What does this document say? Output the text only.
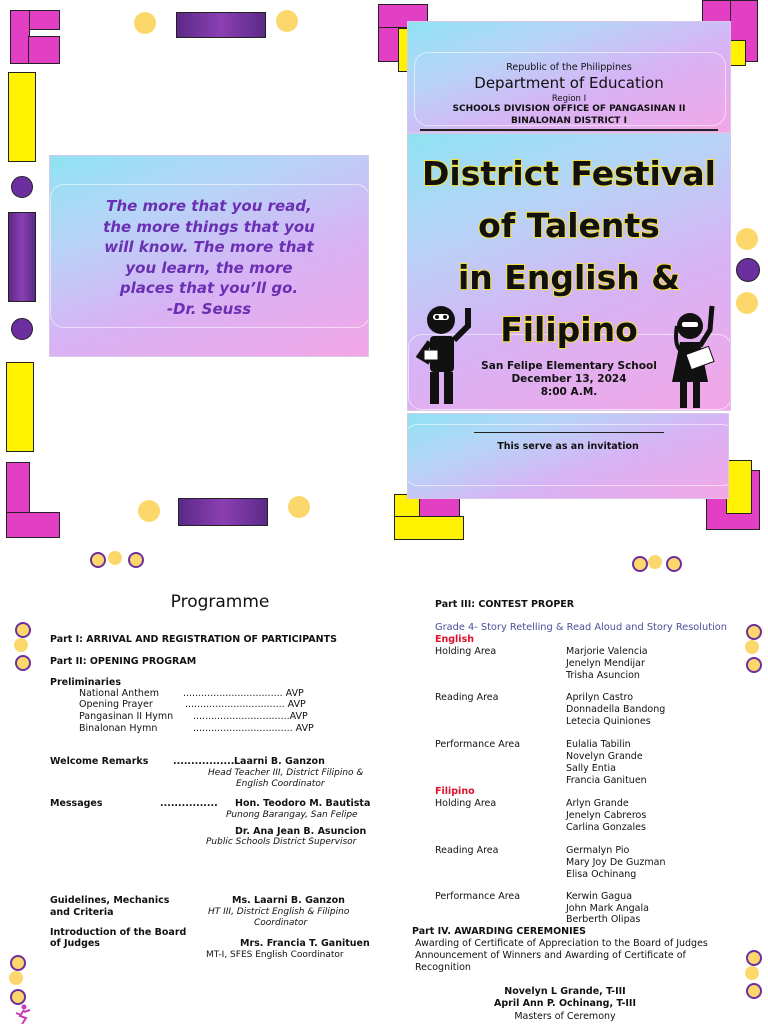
The more that you read,
the more things that you
will know. The more that
you learn, the more
places that you’ll go.
-Dr. Seuss
Republic of the Philippines
Department of Education
Region I
SCHOOLS DIVISION OFFICE OF PANGASINAN II
BINALONAN DISTRICT I
District Festival
of Talents
in English &
Filipino
San Felipe Elementary School
December 13, 2024
8:00 A.M.
This serve as an invitation
Programme
Part I: ARRIVAL AND REGISTRATION OF PARTICIPANTS
Part II: OPENING PROGRAM
Preliminaries
National Anthem	................................. AVP
Opening Prayer	................................. AVP
Pangasinan II Hymn ................................AVP
Binalonan Hymn	................................. AVP
Welcome Remarks	................. Laarni B. Ganzon
Head Teacher III, District Filipino &
English Coordinator
Messages	................ Hon. Teodoro M. Bautista
Punong Barangay, San Felipe
Dr. Ana Jean B. Asuncion
Public Schools District Supervisor
Guidelines, Mechanics
and Criteria
Ms. Laarni B. Ganzon
HT III, District English & Filipino
Coordinator
Introduction of the Board
of Judges	Mrs. Francia T. Ganituen
MT-I, SFES English Coordinator
Part III: CONTEST PROPER
Grade 4- Story Retelling & Read Aloud and Story Resolution
English
Holding Area	Marjorie Valencia
Jenelyn Mendijar
Trisha Asuncion
Reading Area	Aprilyn Castro
Donnadella Bandong
Letecia Quiniones
Performance Area	Eulalia Tabilin
Novelyn Grande
Sally Entia
Francia Ganituen
Filipino
Holding Area	Arlyn Grande
Jenelyn Cabreros
Carlina Gonzales
Reading Area	Germalyn Pio
Mary Joy De Guzman
Elisa Ochinang
Performance Area	Kerwin Gagua
John Mark Angala
Berberth Olipas
Part IV. AWARDING CEREMONIES
Awarding of Certificate of Appreciation to the Board of Judges
Announcement of Winners and Awarding of Certificate of
Recognition
Novelyn L Grande, T-III
April Ann P. Ochinang, T-III
Masters of Ceremony
